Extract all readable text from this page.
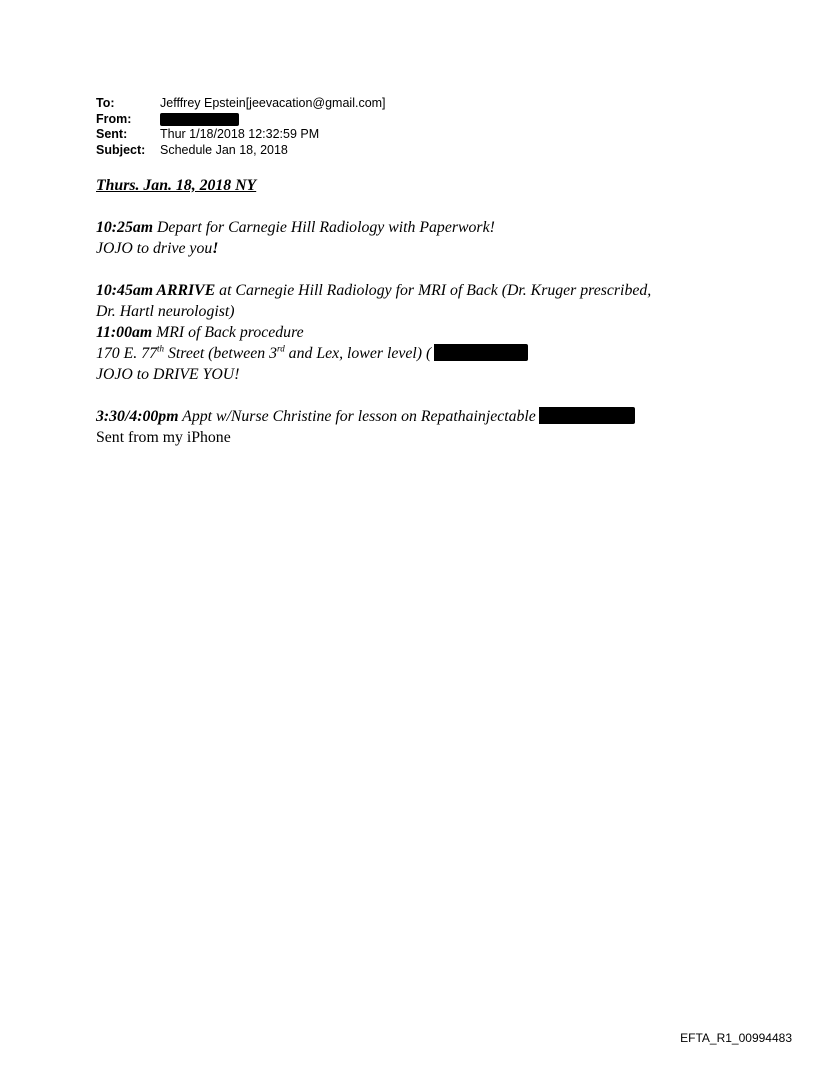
To:	Jefffrey Epstein[jeevacation@gmail.com]
From:
Sent:	Thur 1/18/2018 12:32:59 PM
Subject:	Schedule Jan 18, 2018

Thurs. Jan. 18, 2018 NY

10:25am Depart for Carnegie Hill Radiology with Paperwork!

JOJO to drive you!

10:45am ARRIVE at Carnegie Hill Radiology for MRI of Back (Dr. Kruger prescribed,

Dr. Hartl neurologist)

11:00am MRI of Back procedure

170 E. 77th Street (between 3rd and Lex, lower level) (

JOJO to DRIVE YOU!

3:30/4:00pm Appt w/Nurse Christine for lesson on Repathainjectable

Sent from my iPhone

EFTA_R1_00994483
